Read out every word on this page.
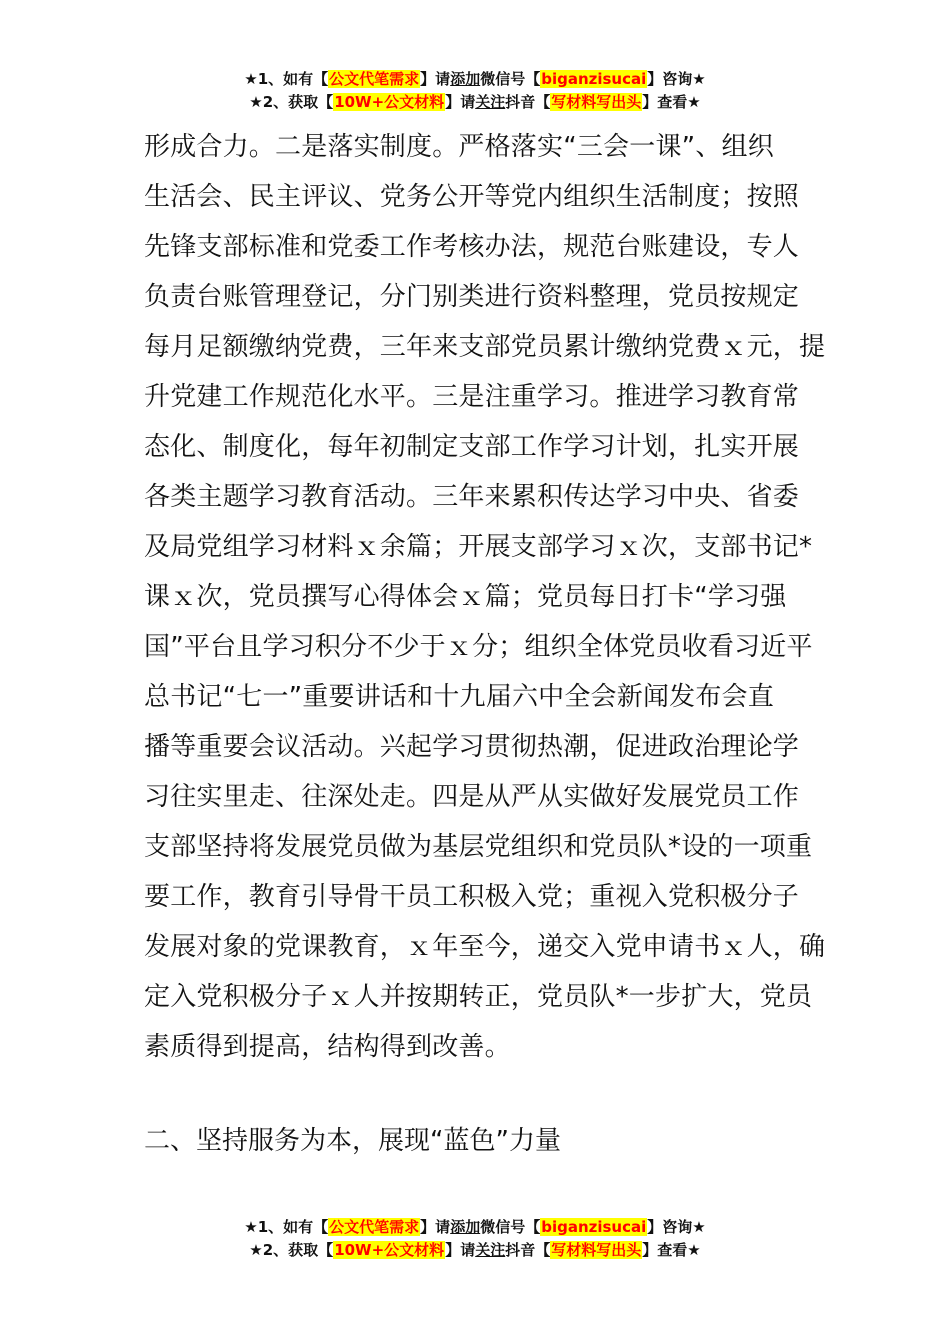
★1、如有【公文代笔需求】请添加微信号【biganzisucai】咨询★
★2、获取【10W+公文材料】请关注抖音【写材料写出头】查看★
形成合力。二是落实制度。严格落实“三会一课”、组织
生活会、民主评议、党务公开等党内组织生活制度；按照
先锋支部标准和党委工作考核办法，规范台账建设，专人
负责台账管理登记，分门别类进行资料整理，党员按规定
每月足额缴纳党费，三年来支部党员累计缴纳党费ｘ元，提
升党建工作规范化水平。三是注重学习。推进学习教育常
态化、制度化，每年初制定支部工作学习计划，扎实开展
各类主题学习教育活动。三年来累积传达学习中央、省委
及局党组学习材料ｘ余篇；开展支部学习ｘ次，支部书记*
课ｘ次，党员撰写心得体会ｘ篇；党员每日打卡“学习强
国”平台且学习积分不少于ｘ分；组织全体党员收看习近平
总书记“七一”重要讲话和十九届六中全会新闻发布会直
播等重要会议活动。兴起学习贯彻热潮，促进政治理论学
习往实里走、往深处走。四是从严从实做好发展党员工作
支部坚持将发展党员做为基层党组织和党员队*设的一项重
要工作，教育引导骨干员工积极入党；重视入党积极分子
发展对象的党课教育，ｘ年至今，递交入党申请书ｘ人，确
定入党积极分子ｘ人并按期转正，党员队*一步扩大，党员
素质得到提高，结构得到改善。
二、坚持服务为本，展现“蓝色”力量
★1、如有【公文代笔需求】请添加微信号【biganzisucai】咨询★
★2、获取【10W+公文材料】请关注抖音【写材料写出头】查看★
